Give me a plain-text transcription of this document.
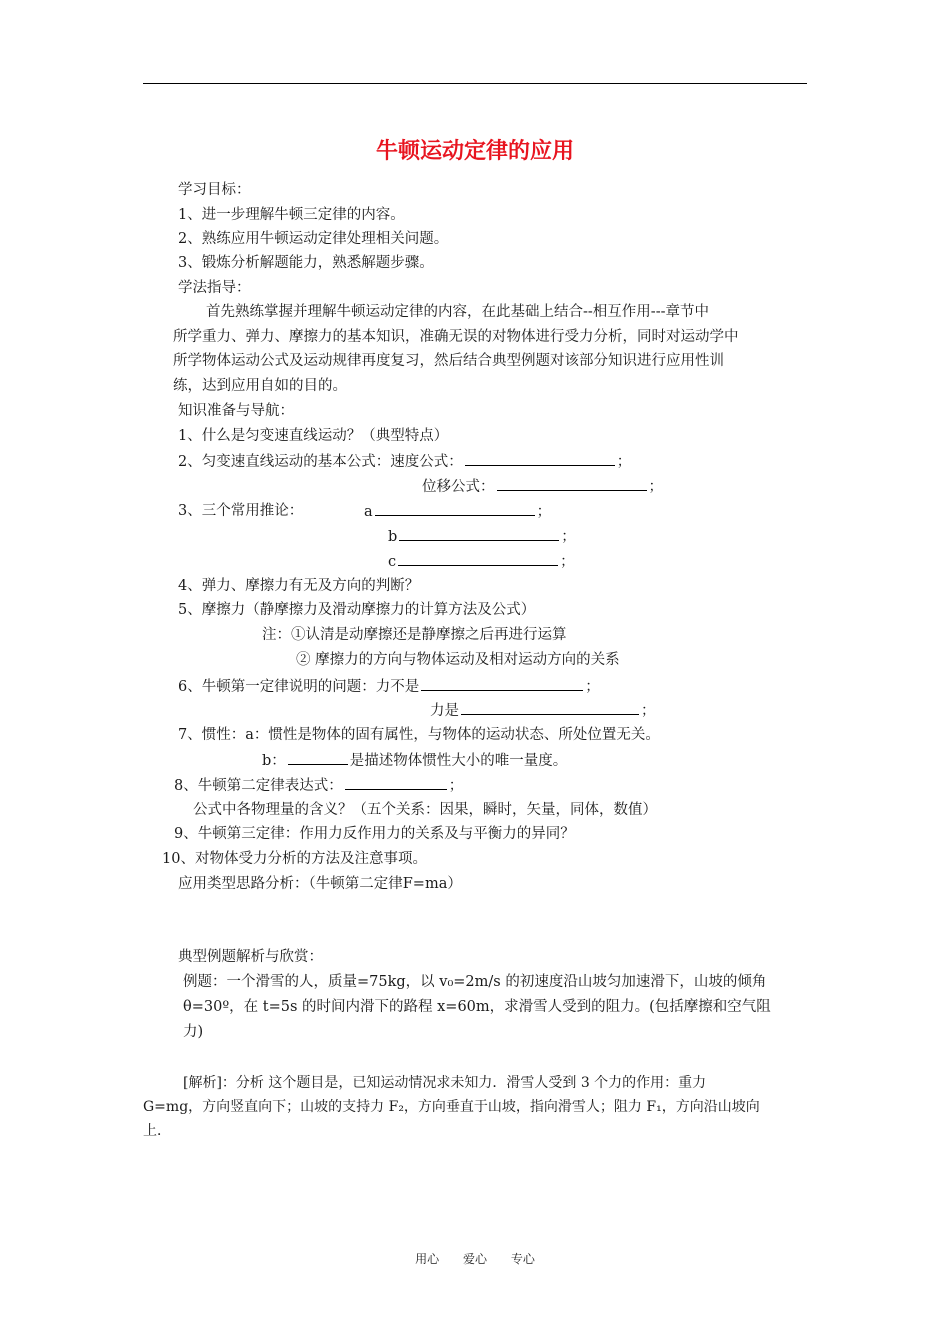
牛顿运动定律的应用
学习目标：
1、进一步理解牛顿三定律的内容。
2、熟练应用牛顿运动定律处理相关问题。
3、锻炼分析解题能力，熟悉解题步骤。
学法指导：
首先熟练掌握并理解牛顿运动定律的内容，在此基础上结合--相互作用---章节中
所学重力、弹力、摩擦力的基本知识，准确无误的对物体进行受力分析，同时对运动学中
所学物体运动公式及运动规律再度复习，然后结合典型例题对该部分知识进行应用性训
练，达到应用自如的目的。
知识准备与导航：
1、什么是匀变速直线运动？（典型特点）
2、匀变速直线运动的基本公式：速度公式：	；
位移公式：	；
3、三个常用推论：	a	；
b	；
c	；
4、弹力、摩擦力有无及方向的判断？
5、摩擦力（静摩擦力及滑动摩擦力的计算方法及公式）
注：①认清是动摩擦还是静摩擦之后再进行运算
② 摩擦力的方向与物体运动及相对运动方向的关系
6、牛顿第一定律说明的问题：力不是	；
力是	；
7、惯性：a：惯性是物体的固有属性，与物体的运动状态、所处位置无关。
b：	是描述物体惯性大小的唯一量度。
8、牛顿第二定律表达式：	；
公式中各物理量的含义？（五个关系：因果，瞬时，矢量，同体，数值）
9、牛顿第三定律：作用力反作用力的关系及与平衡力的异同？
10、对物体受力分析的方法及注意事项。
应用类型思路分析：（牛顿第二定律F=ma）
典型例题解析与欣赏：
例题：一个滑雪的人，质量=75kg，以 v₀=2m/s 的初速度沿山坡匀加速滑下，山坡的倾角
θ=30º，在 t=5s 的时间内滑下的路程 x=60m，求滑雪人受到的阻力。(包括摩擦和空气阻
力)
[解析]：分析 这个题目是，已知运动情况求未知力．滑雪人受到 3 个力的作用：重力
G=mg，方向竖直向下；山坡的支持力 F₂，方向垂直于山坡，指向滑雪人；阻力 F₁，方向沿山坡向
上．
用心 爱心 专心
